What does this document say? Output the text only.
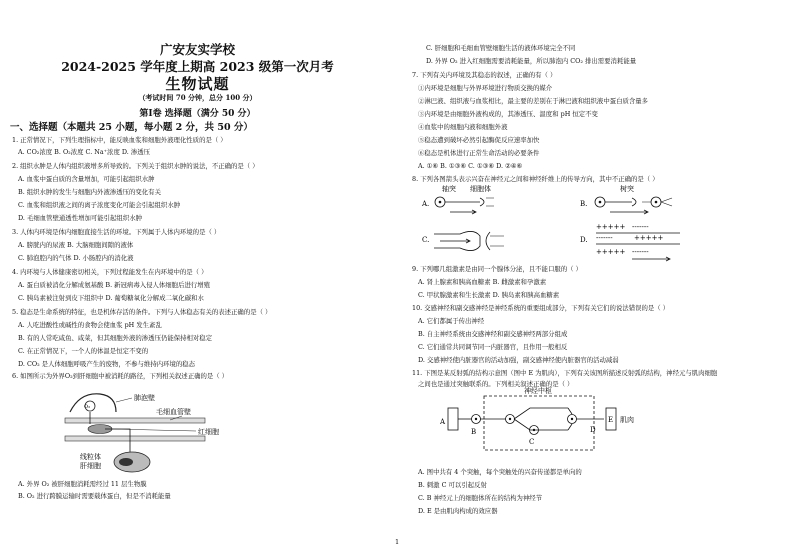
广安友实学校
2024-2025 学年度上期高 2023 级第一次月考
生物试题
（考试时间 70 分钟，总分 100 分）
第Ⅰ卷 选择题（满分 50 分）
一、选择题（本题共 25 小题，每小题 2 分，共 50 分）
1. 正常情况下，下列生理指标中，能反映血浆和细胞外液理化性质的是（ ）
A. CO₂浓度 B. O₂浓度 C. Na⁺浓度 D. 渗透压
2. 组织水肿是人体内组织液增多所导致的。下列关于组织水肿的说法，不正确的是（ ）
A. 血浆中蛋白质的含量增加，可能引起组织水肿
B. 组织水肿的发生与细胞内外液渗透压的变化有关
C. 血浆和组织液之间的离子浓度变化可能会引起组织水肿
D. 毛细血管壁通透性增加可能引起组织水肿
3. 人体内环境是体内细胞直接生活的环境。下列属于人体内环境的是（ ）
A. 膀胱内的尿液 B. 大脑细胞间隙的液体
C. 肺泡腔内的气体 D. 小肠腔内的消化液
4. 内环境与人体健康密切相关，下列过程能发生在内环境中的是（ ）
A. 蛋白质被消化分解成氨基酸 B. 新冠病毒入侵人体细胞后进行增殖
C. 胰岛素被注射到皮下组织中 D. 葡萄糖氧化分解成二氧化碳和水
5. 稳态是生命系统的特征，也是机体存活的条件。下列与人体稳态有关的表述正确的是（ ）
A. 人吃进酸性或碱性的食物会使血浆 pH 发生紊乱
B. 有的人常吃咸鱼、咸菜，但其细胞外液的渗透压仍能保持相对稳定
C. 在正常情况下，一个人的体温是恒定不变的
D. CO₂ 是人体细胞呼吸产生的废物，不参与维持内环境的稳态
6. 如图所示为外界O₂到肝细胞中被消耗的路径，下列相关叙述正确的是（ ）
A. 外界 O₂ 被肝细胞消耗需经过 11 层生物膜
B. O₂ 进行跨膜运输时需要载体蛋白，但是不消耗能量
O₂
肺泡壁
毛细血管壁
红细胞
线粒体
肝细胞
C. 肝细胞和毛细血管壁细胞生活的液体环境完全不同
D. 外界 O₂ 进入红细胞需要消耗能量，所以肺泡内 CO₂ 排出需要消耗能量
7. 下列有关内环境及其稳态的叙述，正确的有（ ）
①内环境是细胞与外界环境进行物质交换的媒介
②淋巴液、组织液与血浆相比，最主要的差别在于淋巴液和组织液中蛋白质含量多
③内环境是由细胞外液构成的，其渗透压、温度和 pH 恒定不变
④血浆中的细胞内液和细胞外液
⑤稳态遭到破坏必然引起酶促反应速率加快
⑥稳态是机体进行正常生命活动的必要条件
A. ①⑥ B. ①③⑥ C. ①③⑥ D. ②④⑥
8. 下列各图箭头表示兴奋在神经元之间和神经纤维上的传导方向，其中不正确的是（ ）
9. 下列哪几组激素是由同一个腺体分泌，且不能口服的（ ）
A. 肾上腺素和胰高血糖素 B. 雌激素和孕激素
C. 甲状腺激素和生长激素 D. 胰岛素和胰高血糖素
10. 交感神经和副交感神经是神经系统的重要组成部分，下列有关它们的说法错误的是（ ）
A. 它们都属于传出神经
B. 自主神经系统由交感神经和副交感神经两部分组成
C. 它们通常共同调节同一内脏器官，且作用一般相反
D. 交感神经使内脏器官的活动加强，副交感神经使内脏器官的活动减弱
11. 下图是某反射弧的结构示意图（图中 E 为肌肉），下列有关该图所描述反射弧的结构，神经元与肌肉细胞
之间也是通过突触联系的。下列相关叙述正确的是（ ）
A. 图中共有 4 个突触，每个突触处的兴奋传递都是单向的
B. 刺激 C 可以引起反射
C. B 神经元上的细胞体所在的结构为神经节
D. E 是由肌肉构成的效应器
轴突 细胞体	树突
A.	B.
C.	D.
+++++ -------
-------	+++++
+++++ -------
神经中枢
A
B
C
D
E 肌肉
1
